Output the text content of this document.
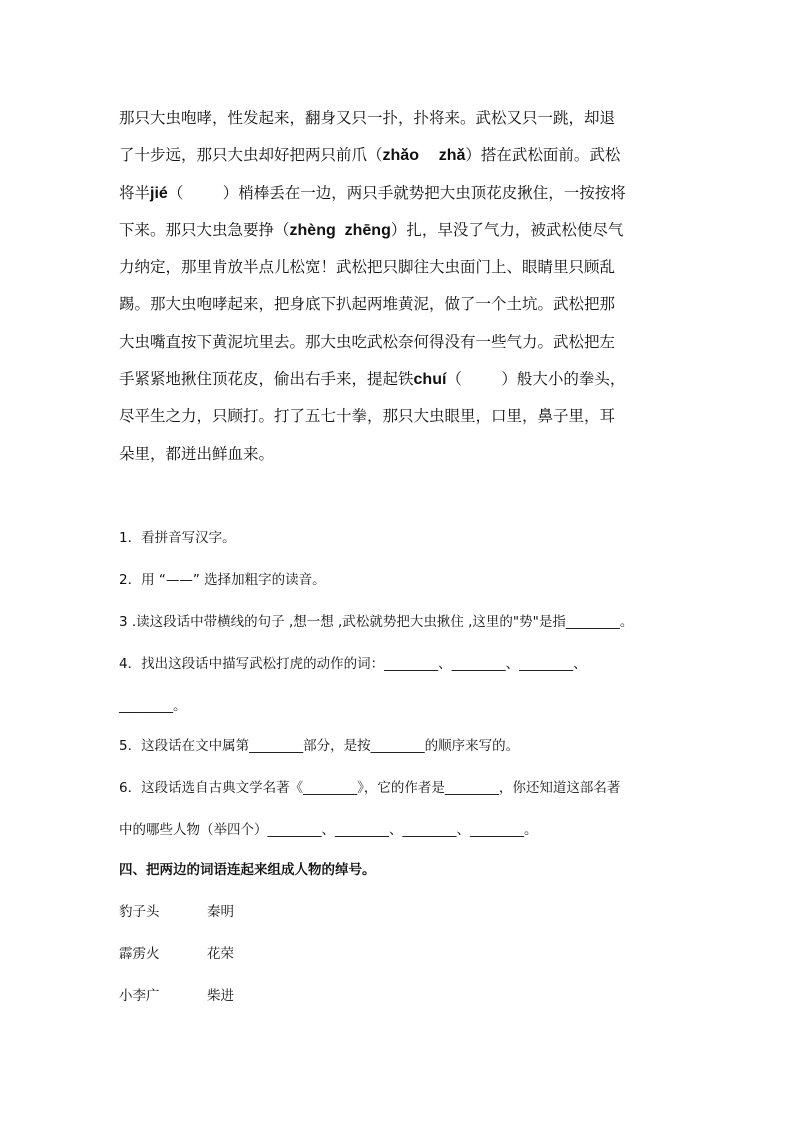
那只大虫咆哮，性发起来，翻身又只一扑，扑将来。武松又只一跳，却退
了十步远，那只大虫却好把两只前爪（zhǎo zhǎ）搭在武松面前。武松
将半jié（        ）梢棒丢在一边，两只手就势把大虫顶花皮揪住，一按按将
下来。那只大虫急要挣（zhèng  zhēng）扎，早没了气力，被武松使尽气
力纳定，那里肯放半点儿松宽！武松把只脚往大虫面门上、眼睛里只顾乱
踢。那大虫咆哮起来，把身底下扒起两堆黄泥，做了一个土坑。武松把那
大虫嘴直按下黄泥坑里去。那大虫吃武松奈何得没有一些气力。武松把左
手紧紧地揪住顶花皮，偷出右手来，提起铁chuí（        ）般大小的拳头，
尽平生之力，只顾打。打了五七十拳，那只大虫眼里，口里，鼻子里，耳
朵里，都迸出鲜血来。

1．看拼音写汉字。

2．用 “——” 选择加粗字的读音。

3 .读这段话中带横线的句子 ,想一想 ,武松就势把大虫揪住 ,这里的"势"是指________。

4．找出这段话中描写武松打虎的动作的词：________、________、________、

________。

5．这段话在文中属第________部分，是按________的顺序来写的。

6．这段话选自古典文学名著《________》，它的作者是________，你还知道这部名著

中的哪些人物（举四个）________、________、________、________。

四、把两边的词语连起来组成人物的绰号。

豹子头	秦明
霹雳火	花荣
小李广	柴进
